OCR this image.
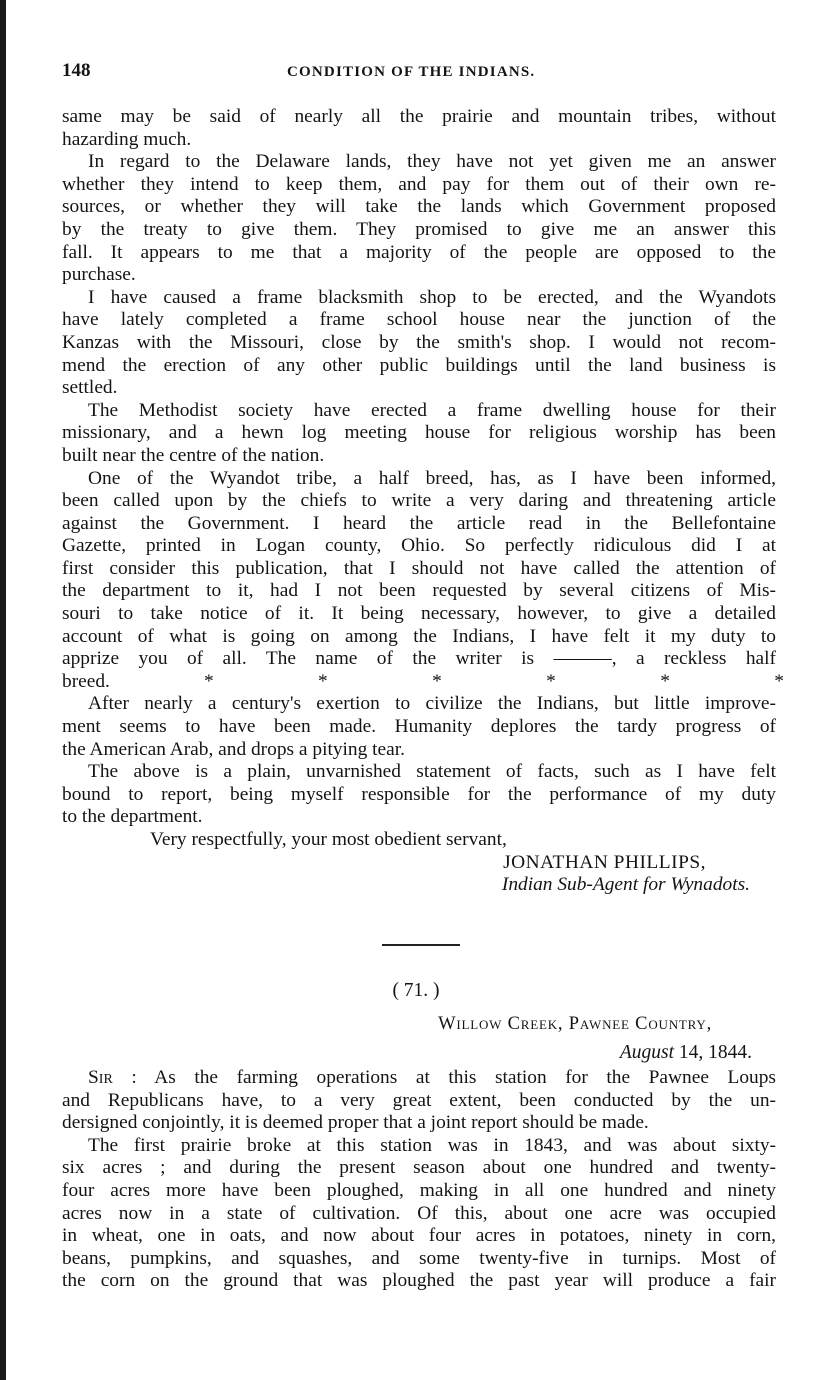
148	CONDITION OF THE INDIANS.
same may be said of nearly all the prairie and mountain tribes, without
hazarding much.
In regard to the Delaware lands, they have not yet given me an answer
whether they intend to keep them, and pay for them out of their own re-
sources, or whether they will take the lands which Government proposed
by the treaty to give them. They promised to give me an answer this
fall. It appears to me that a majority of the people are opposed to the
purchase.
I have caused a frame blacksmith shop to be erected, and the Wyandots
have lately completed a frame school house near the junction of the
Kanzas with the Missouri, close by the smith's shop. I would not recom-
mend the erection of any other public buildings until the land business is
settled.
The Methodist society have erected a frame dwelling house for their
missionary, and a hewn log meeting house for religious worship has been
built near the centre of the nation.
One of the Wyandot tribe, a half breed, has, as I have been informed,
been called upon by the chiefs to write a very daring and threatening article
against the Government. I heard the article read in the Bellefontaine
Gazette, printed in Logan county, Ohio. So perfectly ridiculous did I at
first consider this publication, that I should not have called the attention of
the department to it, had I not been requested by several citizens of Mis-
souri to take notice of it. It being necessary, however, to give a detailed
account of what is going on among the Indians, I have felt it my duty to
apprize you of all. The name of the writer is ———, a reckless half
breed.	*	*	*	*	*	*
After nearly a century's exertion to civilize the Indians, but little improve-
ment seems to have been made. Humanity deplores the tardy progress of
the American Arab, and drops a pitying tear.
The above is a plain, unvarnished statement of facts, such as I have felt
bound to report, being myself responsible for the performance of my duty
to the department.
Very respectfully, your most obedient servant,
JONATHAN PHILLIPS,
Indian Sub-Agent for Wynadots.
( 71. )
Willow Creek, Pawnee Country,
August 14, 1844.
Sir : As the farming operations at this station for the Pawnee Loups
and Republicans have, to a very great extent, been conducted by the un-
dersigned conjointly, it is deemed proper that a joint report should be made.
The first prairie broke at this station was in 1843, and was about sixty-
six acres ; and during the present season about one hundred and twenty-
four acres more have been ploughed, making in all one hundred and ninety
acres now in a state of cultivation. Of this, about one acre was occupied
in wheat, one in oats, and now about four acres in potatoes, ninety in corn,
beans, pumpkins, and squashes, and some twenty-five in turnips. Most of
the corn on the ground that was ploughed the past year will produce a fair
